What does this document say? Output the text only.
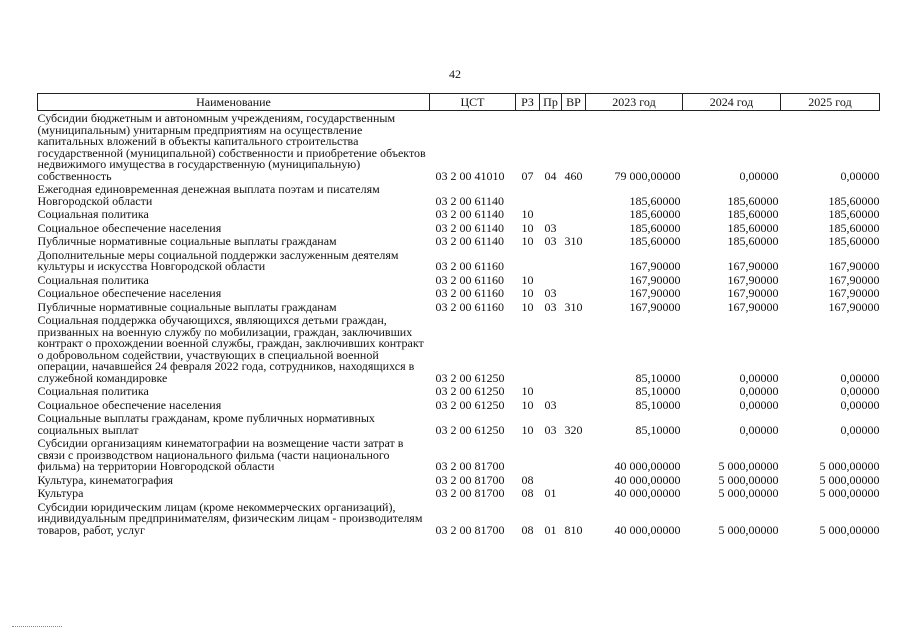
42
Наименование	ЦСТ	РЗ	Пр	ВР	2023 год	2024 год	2025 год
Субсидии бюджетным и автономным учреждениям, государственным (муниципальным) унитарным предприятиям на осуществление капитальных вложений в объекты капитального строительства государственной (муниципальной) собственности и приобретение объектов недвижимого имущества в государственную (муниципальную) собственность	03 2 00 41010	07	04	460	79 000,00000	0,00000	0,00000
Ежегодная единовременная денежная выплата поэтам и писателям Новгородской области	03 2 00 61140				185,60000	185,60000	185,60000
Социальная политика	03 2 00 61140	10			185,60000	185,60000	185,60000
Социальное обеспечение населения	03 2 00 61140	10	03		185,60000	185,60000	185,60000
Публичные нормативные социальные выплаты гражданам	03 2 00 61140	10	03	310	185,60000	185,60000	185,60000
Дополнительные меры социальной поддержки заслуженным деятелям культуры и искусства Новгородской области	03 2 00 61160				167,90000	167,90000	167,90000
Социальная политика	03 2 00 61160	10			167,90000	167,90000	167,90000
Социальное обеспечение населения	03 2 00 61160	10	03		167,90000	167,90000	167,90000
Публичные нормативные социальные выплаты гражданам	03 2 00 61160	10	03	310	167,90000	167,90000	167,90000
Социальная поддержка обучающихся, являющихся детьми граждан, призванных на военную службу по мобилизации, граждан, заключивших контракт о прохождении военной службы, граждан, заключивших контракт о добровольном содействии, участвующих в специальной военной операции, начавшейся 24 февраля 2022 года, сотрудников, находящихся в служебной командировке	03 2 00 61250				85,10000	0,00000	0,00000
Социальная политика	03 2 00 61250	10			85,10000	0,00000	0,00000
Социальное обеспечение населения	03 2 00 61250	10	03		85,10000	0,00000	0,00000
Социальные выплаты гражданам, кроме публичных нормативных социальных выплат	03 2 00 61250	10	03	320	85,10000	0,00000	0,00000
Субсидии организациям кинематографии на возмещение части затрат в связи с производством национального фильма (части национального фильма) на территории Новгородской области	03 2 00 81700				40 000,00000	5 000,00000	5 000,00000
Культура, кинематография	03 2 00 81700	08			40 000,00000	5 000,00000	5 000,00000
Культура	03 2 00 81700	08	01		40 000,00000	5 000,00000	5 000,00000
Субсидии юридическим лицам (кроме некоммерческих организаций), индивидуальным предпринимателям, физическим лицам - производителям товаров, работ, услуг	03 2 00 81700	08	01	810	40 000,00000	5 000,00000	5 000,00000
